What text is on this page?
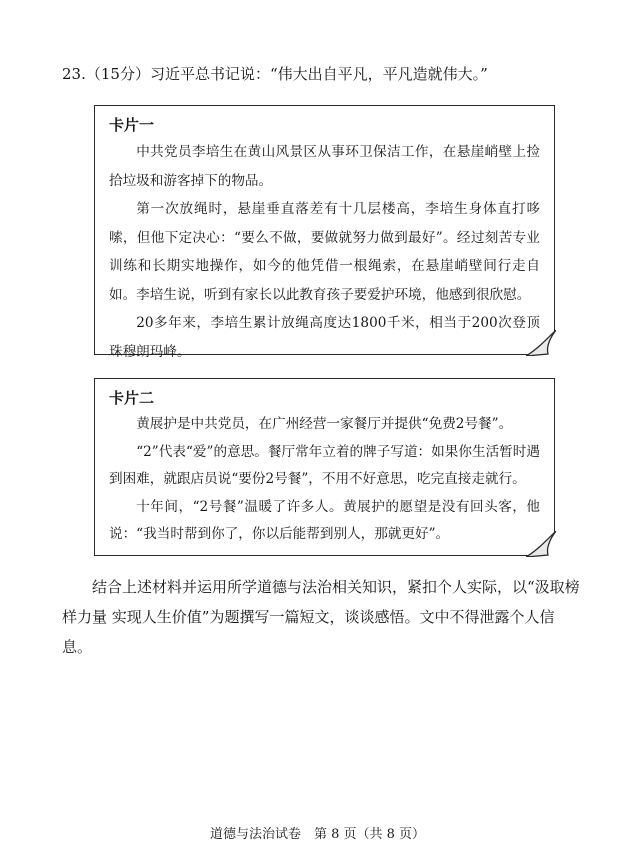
23.（15分）习近平总书记说：“伟大出自平凡，平凡造就伟大。”
卡片一

中共党员李培生在黄山风景区从事环卫保洁工作，在悬崖峭壁上捡拾垃圾和游客掉下的物品。

第一次放绳时，悬崖垂直落差有十几层楼高，李培生身体直打哆嗦，但他下定决心：“要么不做，要做就努力做到最好”。经过刻苦专业训练和长期实地操作，如今的他凭借一根绳索，在悬崖峭壁间行走自如。李培生说，听到有家长以此教育孩子要爱护环境，他感到很欣慰。

20多年来，李培生累计放绳高度达1800千米，相当于200次登顶珠穆朗玛峰。

卡片二

黄展护是中共党员，在广州经营一家餐厅并提供“免费2号餐”。

“2”代表“爱”的意思。餐厅常年立着的牌子写道：如果你生活暂时遇到困难，就跟店员说“要份2号餐”，不用不好意思，吃完直接走就行。

十年间，“2号餐”温暖了许多人。黄展护的愿望是没有回头客，他说：“我当时帮到你了，你以后能帮到别人，那就更好”。

结合上述材料并运用所学道德与法治相关知识，紧扣个人实际，以“汲取榜样力量 实现人生价值”为题撰写一篇短文，谈谈感悟。文中不得泄露个人信息。
道德与法治试卷　第 8 页（共 8 页）
